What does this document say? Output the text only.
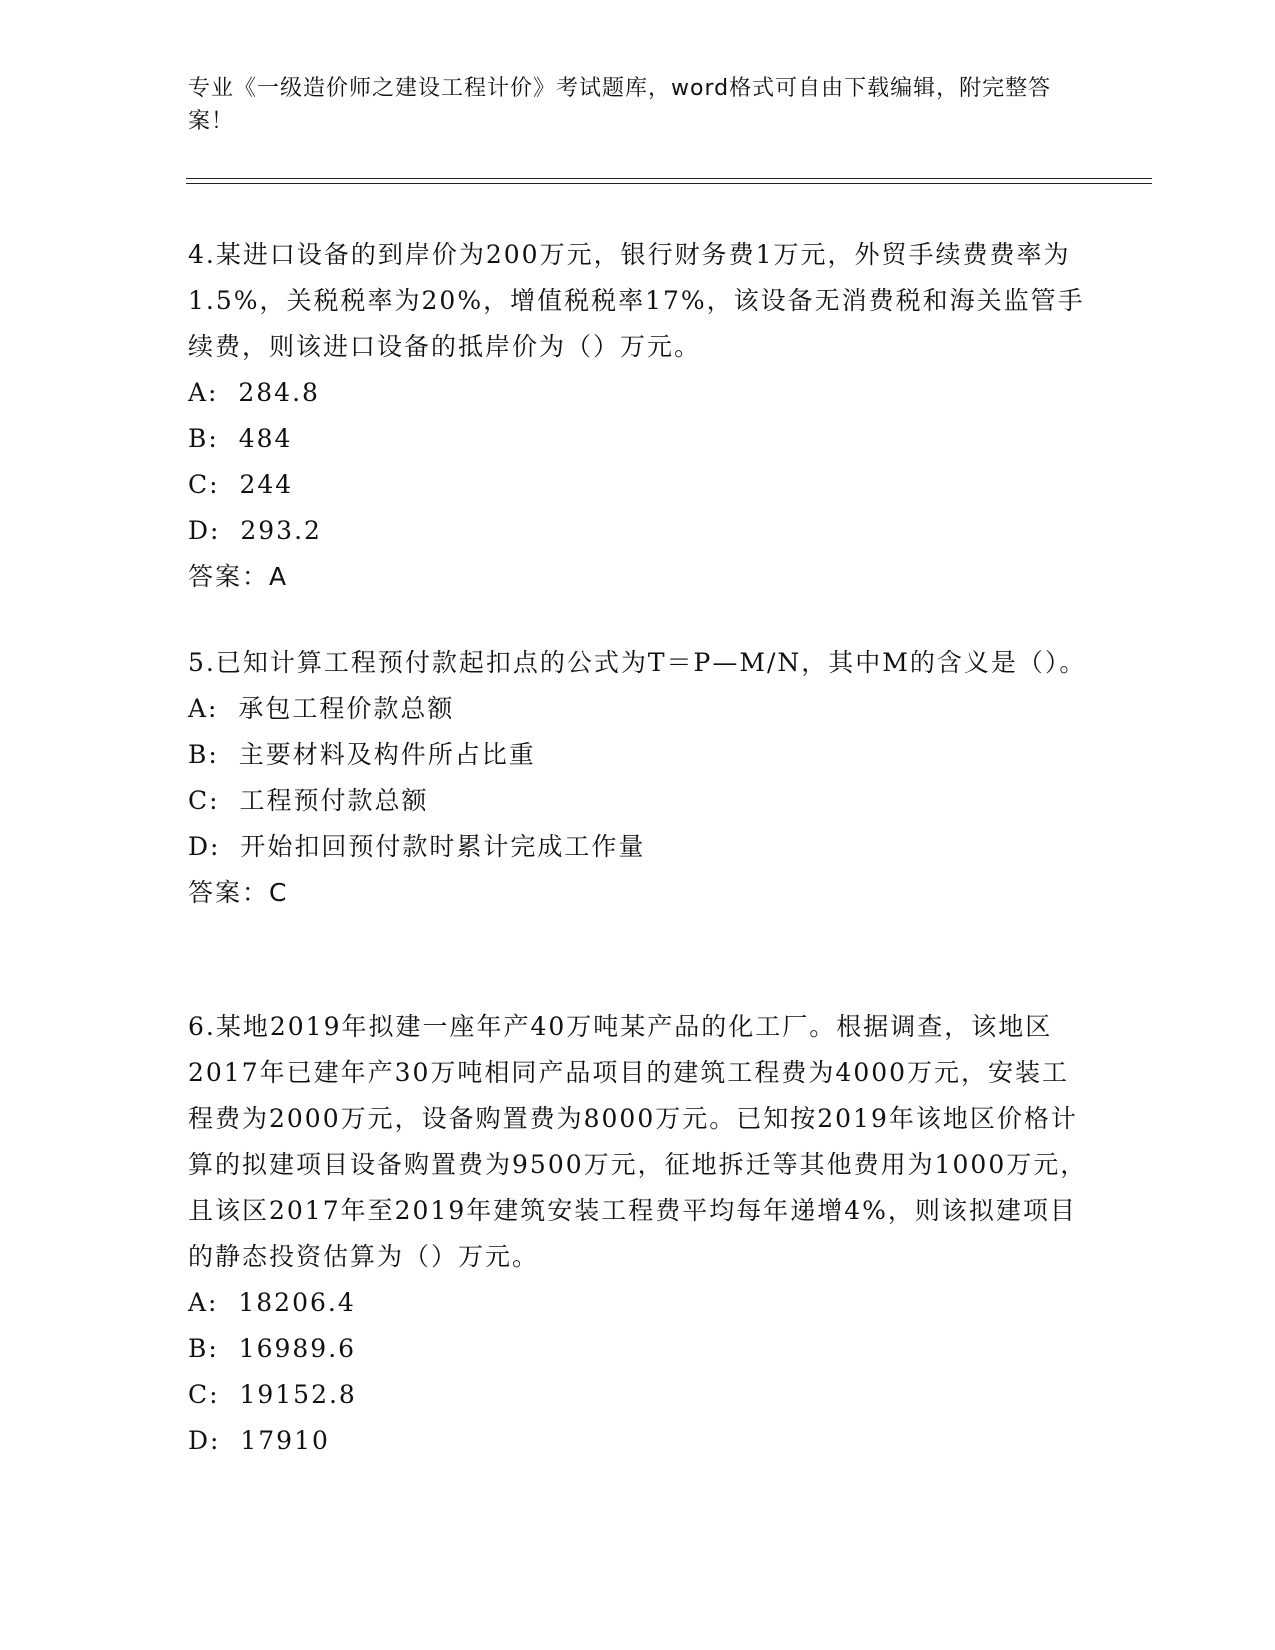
专业《一级造价师之建设工程计价》考试题库，word格式可自由下载编辑，附完整答案！

4.某进口设备的到岸价为200万元，银行财务费1万元，外贸手续费费率为1.5%，关税税率为20%，增值税税率17%，该设备无消费税和海关监管手续费，则该进口设备的抵岸价为（）万元。

A:  284.8

B:  484

C:  244

D:  293.2

答案：A

5.已知计算工程预付款起扣点的公式为T＝P—M/N，其中M的含义是（）。

A:  承包工程价款总额

B:  主要材料及构件所占比重

C:  工程预付款总额

D:  开始扣回预付款时累计完成工作量

答案：C

6.某地2019年拟建一座年产40万吨某产品的化工厂。根据调查，该地区2017年已建年产30万吨相同产品项目的建筑工程费为4000万元，安装工程费为2000万元，设备购置费为8000万元。已知按2019年该地区价格计算的拟建项目设备购置费为9500万元，征地拆迁等其他费用为1000万元，且该区2017年至2019年建筑安装工程费平均每年递增4%，则该拟建项目的静态投资估算为（）万元。

A:  18206.4

B:  16989.6

C:  19152.8

D:  17910
